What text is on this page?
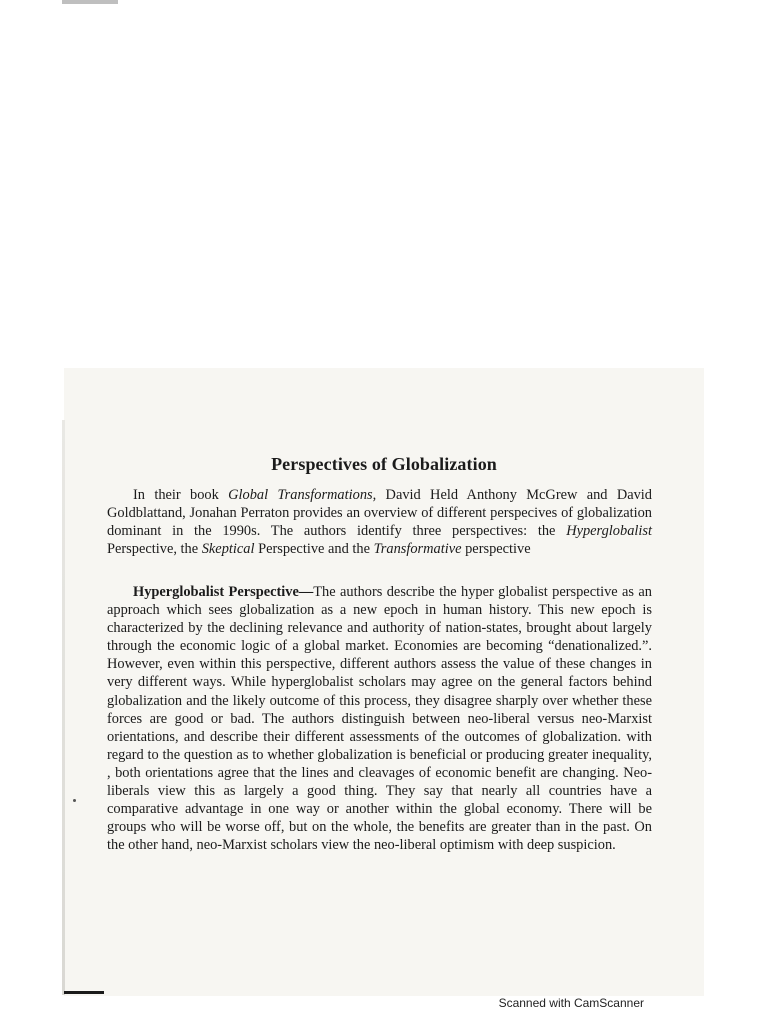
Perspectives of Globalization

In their book Global Transformations, David Held Anthony McGrew and David Goldblattand, Jonahan Perraton provides an overview of different perspecives of globalization dominant in the 1990s. The authors identify three perspectives: the Hyperglobalist Perspective, the Skeptical Perspective and the Transformative perspective

Hyperglobalist Perspective—The authors describe the hyper globalist perspective as an approach which sees globalization as a new epoch in human history. This new epoch is characterized by the declining relevance and authority of nation-states, brought about largely through the economic logic of a global market. Economies are becoming “denationalized.”. However, even within this perspective, different authors assess the value of these changes in very different ways. While hyperglobalist scholars may agree on the general factors behind globalization and the likely outcome of this process, they disagree sharply over whether these forces are good or bad. The authors distinguish between neo-liberal versus neo-Marxist orientations, and describe their different assessments of the outcomes of globalization. with regard to the question as to whether globalization is beneficial or producing greater inequality, , both orientations agree that the lines and cleavages of economic benefit are changing. Neo-liberals view this as largely a good thing. They say that nearly all countries have a comparative advantage in one way or another within the global economy. There will be groups who will be worse off, but on the whole, the benefits are greater than in the past. On the other hand, neo-Marxist scholars view the neo-liberal optimism with deep suspicion.

Scanned with CamScanner
